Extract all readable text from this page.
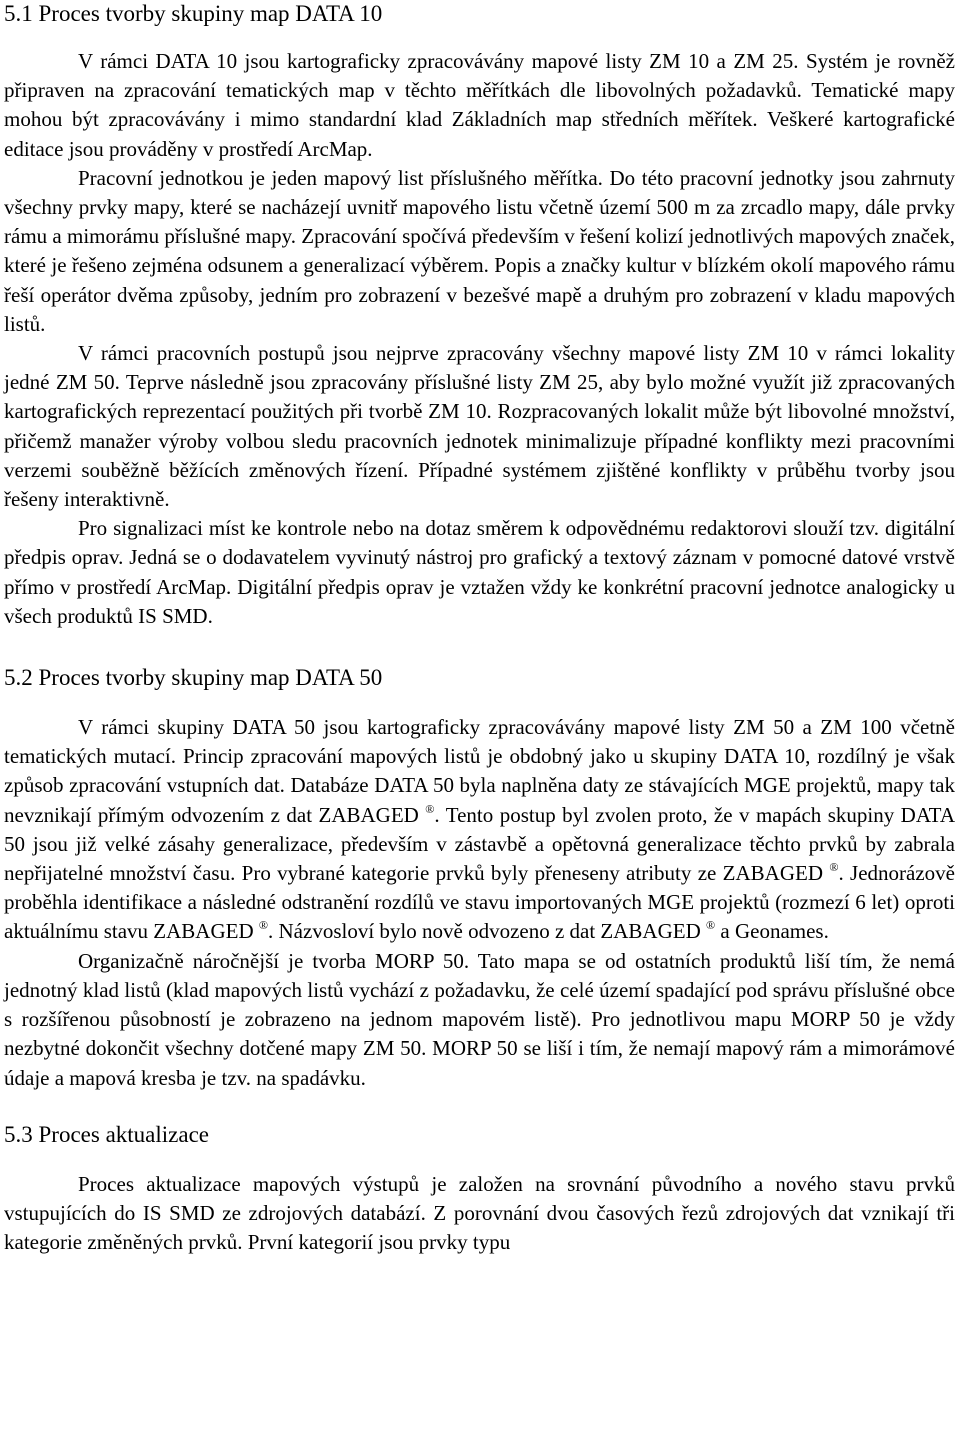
5.1 Proces tvorby skupiny map DATA 10

V rámci DATA 10 jsou kartograficky zpracovávány mapové listy ZM 10 a ZM 25. Systém je rovněž připraven na zpracování tematických map v těchto měřítkách dle libovolných požadavků. Tematické mapy mohou být zpracovávány i mimo standardní klad Základních map středních měřítek. Veškeré kartografické editace jsou prováděny v prostředí ArcMap.

Pracovní jednotkou je jeden mapový list příslušného měřítka. Do této pracovní jednotky jsou zahrnuty všechny prvky mapy, které se nacházejí uvnitř mapového listu včetně území 500 m za zrcadlo mapy, dále prvky rámu a mimorámu příslušné mapy. Zpracování spočívá především v řešení kolizí jednotlivých mapových značek, které je řešeno zejména odsunem a generalizací výběrem. Popis a značky kultur v blízkém okolí mapového rámu řeší operátor dvěma způsoby, jedním pro zobrazení v bezešvé mapě a druhým pro zobrazení v kladu mapových listů.

V rámci pracovních postupů jsou nejprve zpracovány všechny mapové listy ZM 10 v rámci lokality jedné ZM 50. Teprve následně jsou zpracovány příslušné listy ZM 25, aby bylo možné využít již zpracovaných kartografických reprezentací použitých při tvorbě ZM 10. Rozpracovaných lokalit může být libovolné množství, přičemž manažer výroby volbou sledu pracovních jednotek minimalizuje případné konflikty mezi pracovními verzemi souběžně běžících změnových řízení. Případné systémem zjištěné konflikty v průběhu tvorby jsou řešeny interaktivně.

Pro signalizaci míst ke kontrole nebo na dotaz směrem k odpovědnému redaktorovi slouží tzv. digitální předpis oprav. Jedná se o dodavatelem vyvinutý nástroj pro grafický a textový záznam v pomocné datové vrstvě přímo v prostředí ArcMap. Digitální předpis oprav je vztažen vždy ke konkrétní pracovní jednotce analogicky u všech produktů IS SMD.

5.2 Proces tvorby skupiny map DATA 50

V rámci skupiny DATA 50 jsou kartograficky zpracovávány mapové listy ZM 50 a ZM 100 včetně tematických mutací. Princip zpracování mapových listů je obdobný jako u skupiny DATA 10, rozdílný je však způsob zpracování vstupních dat. Databáze DATA 50 byla naplněna daty ze stávajících MGE projektů, mapy tak nevznikají přímým odvozením z dat ZABAGED ®. Tento postup byl zvolen proto, že v mapách skupiny DATA 50 jsou již velké zásahy generalizace, především v zástavbě a opětovná generalizace těchto prvků by zabrala nepřijatelné množství času. Pro vybrané kategorie prvků byly přeneseny atributy ze ZABAGED ®. Jednorázově proběhla identifikace a následné odstranění rozdílů ve stavu importovaných MGE projektů (rozmezí 6 let) oproti aktuálnímu stavu ZABAGED ®. Názvosloví bylo nově odvozeno z dat ZABAGED ® a Geonames.

Organizačně náročnější je tvorba MORP 50. Tato mapa se od ostatních produktů liší tím, že nemá jednotný klad listů (klad mapových listů vychází z požadavku, že celé území spadající pod správu příslušné obce s rozšířenou působností je zobrazeno na jednom mapovém listě). Pro jednotlivou mapu MORP 50 je vždy nezbytné dokončit všechny dotčené mapy ZM 50. MORP 50 se liší i tím, že nemají mapový rám a mimorámové údaje a mapová kresba je tzv. na spadávku.

5.3 Proces aktualizace

Proces aktualizace mapových výstupů je založen na srovnání původního a nového stavu prvků vstupujících do IS SMD ze zdrojových databází. Z porovnání dvou časových řezů zdrojových dat vznikají tři kategorie změněných prvků. První kategorií jsou prvky typu
